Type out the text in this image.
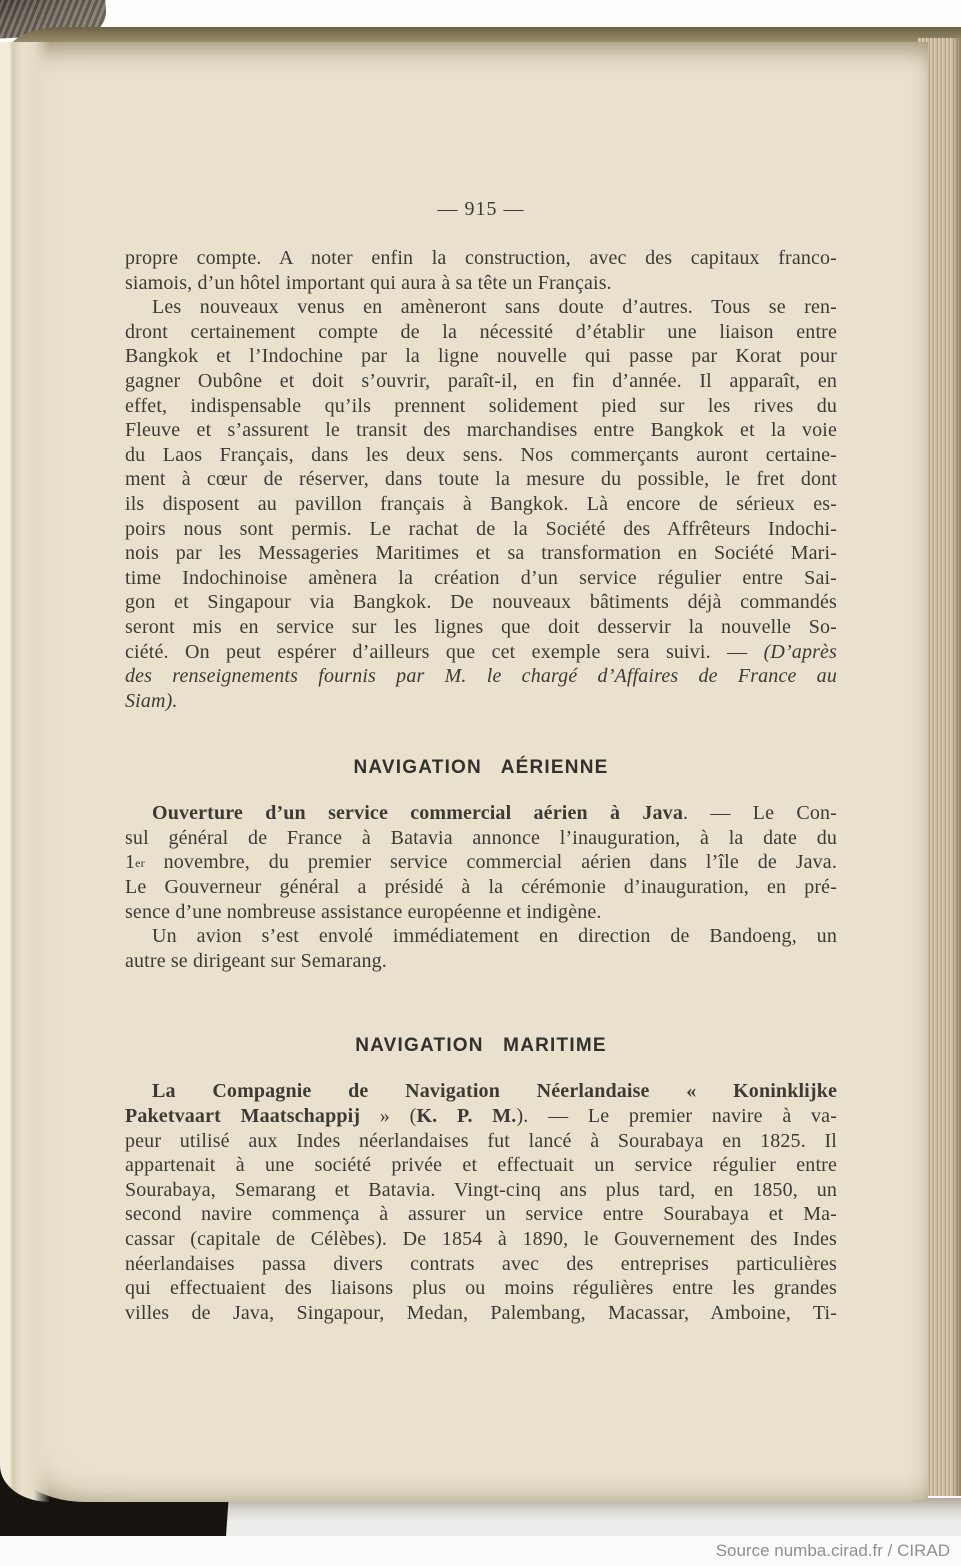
— 915 —
propre compte. A noter enfin la construction, avec des capitaux franco-
siamois, d’un hôtel important qui aura à sa tête un Français.
Les nouveaux venus en amèneront sans doute d’autres. Tous se ren-
dront certainement compte de la nécessité d’établir une liaison entre
Bangkok et l’Indochine par la ligne nouvelle qui passe par Korat pour
gagner Oubône et doit s’ouvrir, paraît-il, en fin d’année. Il apparaît, en
effet, indispensable qu’ils prennent solidement pied sur les rives du
Fleuve et s’assurent le transit des marchandises entre Bangkok et la voie
du Laos Français, dans les deux sens. Nos commerçants auront certaine-
ment à cœur de réserver, dans toute la mesure du possible, le fret dont
ils disposent au pavillon français à Bangkok. Là encore de sérieux es-
poirs nous sont permis. Le rachat de la Société des Affrêteurs Indochi-
nois par les Messageries Maritimes et sa transformation en Société Mari-
time Indochinoise amènera la création d’un service régulier entre Sai-
gon et Singapour via Bangkok. De nouveaux bâtiments déjà commandés
seront mis en service sur les lignes que doit desservir la nouvelle So-
ciété. On peut espérer d’ailleurs que cet exemple sera suivi. — (D’après
des renseignements fournis par M. le chargé d’Affaires de France au
Siam).
NAVIGATION AÉRIENNE
Ouverture d’un service commercial aérien à Java. — Le Con-
sul général de France à Batavia annonce l’inauguration, à la date du
1er novembre, du premier service commercial aérien dans l’île de Java.
Le Gouverneur général a présidé à la cérémonie d’inauguration, en pré-
sence d’une nombreuse assistance européenne et indigène.
Un avion s’est envolé immédiatement en direction de Bandoeng, un
autre se dirigeant sur Semarang.
NAVIGATION MARITIME
La Compagnie de Navigation Néerlandaise « Koninklijke
Paketvaart Maatschappij » (K. P. M.). — Le premier navire à va-
peur utilisé aux Indes néerlandaises fut lancé à Sourabaya en 1825. Il
appartenait à une société privée et effectuait un service régulier entre
Sourabaya, Semarang et Batavia. Vingt-cinq ans plus tard, en 1850, un
second navire commença à assurer un service entre Sourabaya et Ma-
cassar (capitale de Célèbes). De 1854 à 1890, le Gouvernement des Indes
néerlandaises passa divers contrats avec des entreprises particulières
qui effectuaient des liaisons plus ou moins régulières entre les grandes
villes de Java, Singapour, Medan, Palembang, Macassar, Amboine, Ti-
Source numba.cirad.fr / CIRAD
